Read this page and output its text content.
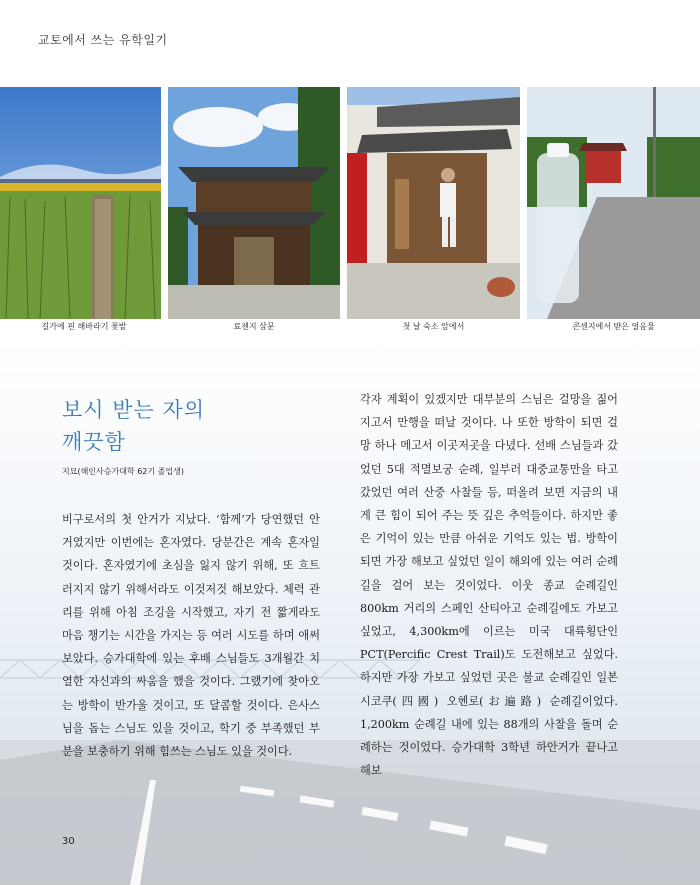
교토에서 쓰는 유학일기
길가에 핀 해바라기 꽃밭	료젠지 삼문	첫 날 숙소 앞에서	콘센지에서 받은 얼음물
보시 받는 자의
깨끗함
지묘(해인사승가대학 62기 졸업생)

비구로서의 첫 안거가 지났다. ‘함께’가 당연했던 안거였지만 이번에는 혼자였다. 당분간은 계속 혼자일 것이다. 혼자였기에 초심을 잃지 않기 위해, 또 흐트러지지 않기 위해서라도 이것저것 해보았다. 체력 관리를 위해 아침 조깅을 시작했고, 자기 전 짧게라도 마음 챙기는 시간을 가지는 등 여러 시도를 하며 애써보았다. 승가대학에 있는 후배 스님들도 3개월간 치열한 자신과의 싸움을 했을 것이다. 그랬기에 찾아오는 방학이 반가울 것이고, 또 달콤할 것이다. 은사스님을 돕는 스님도 있을 것이고, 학기 중 부족했던 부분을 보충하기 위해 힘쓰는 스님도 있을 것이다.

각자 계획이 있겠지만 대부분의 스님은 걸망을 짊어지고서 만행을 떠날 것이다. 나 또한 방학이 되면 걸망 하나 메고서 이곳저곳을 다녔다. 선배 스님들과 갔었던 5대 적멸보궁 순례, 일부러 대중교통만을 타고 갔었던 여러 산중 사찰들 등, 떠올려 보면 지금의 내게 큰 힘이 되어 주는 뜻 깊은 추억들이다. 하지만 좋은 기억이 있는 만큼 아쉬운 기억도 있는 법. 방학이 되면 가장 해보고 싶었던 일이 해외에 있는 여러 순례길을 걸어 보는 것이었다. 이웃 종교 순례길인 800km 거리의 스페인 산티아고 순례길에도 가보고 싶었고, 4,300km에 이르는 미국 대륙횡단인 PCT(Percific Crest Trail)도 도전해보고 싶었다. 하지만 가장 가보고 싶었던 곳은 불교 순례길인 일본 시코쿠(四國) 오헨로(お遍路) 순례길이었다. 1,200km 순례길 내에 있는 88개의 사찰을 돌며 순례하는 것이었다. 승가대학 3학년 하안거가 끝나고 해보

30
